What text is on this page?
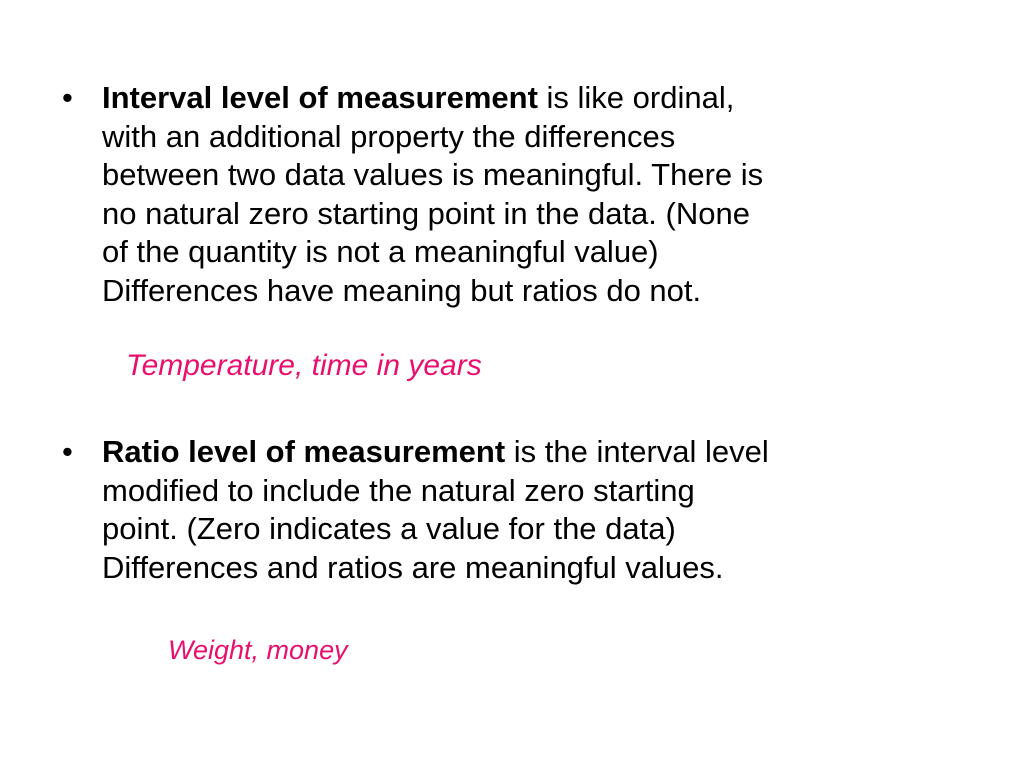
• Interval level of measurement is like ordinal,
with an additional property the differences
between two data values is meaningful. There is
no natural zero starting point in the data. (None
of the quantity is not a meaningful value)
Differences have meaning but ratios do not.
Temperature, time in years
• Ratio level of measurement is the interval level
modified to include the natural zero starting
point. (Zero indicates a value for the data)
Differences and ratios are meaningful values.
Weight, money
